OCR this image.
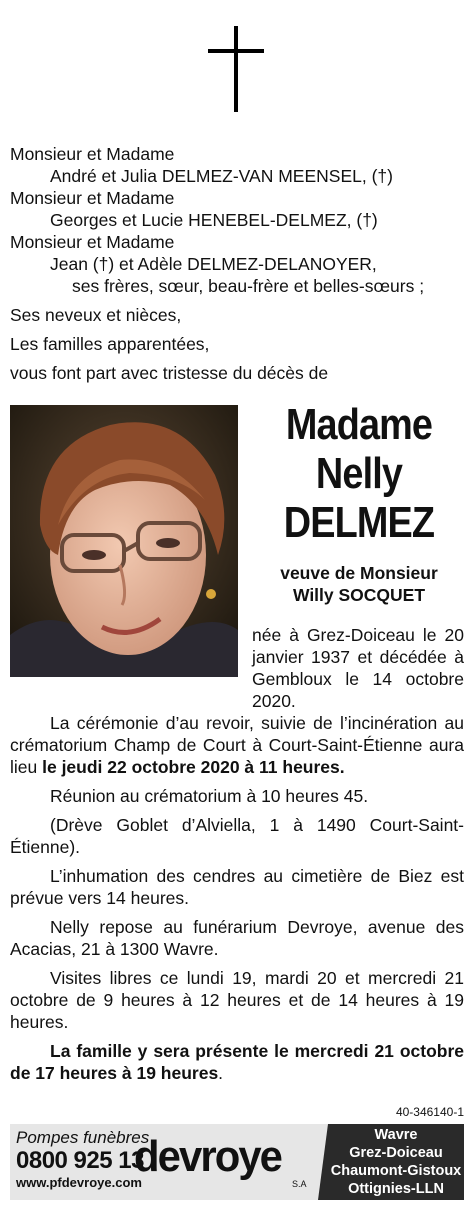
Monsieur et Madame
André et Julia DELMEZ-VAN MEENSEL, (†)
Monsieur et Madame
Georges et Lucie HENEBEL-DELMEZ, (†)
Monsieur et Madame
Jean (†) et Adèle DELMEZ-DELANOYER,
ses frères, sœur, beau-frère et belles-sœurs ;
Ses neveux et nièces,
Les familles apparentées,
vous font part avec tristesse du décès de
Madame
Nelly
DELMEZ
veuve de Monsieur
Willy SOCQUET

née à Grez-Doiceau le 20 janvier 1937 et décédée à Gembloux le 14 octobre 2020.

La cérémonie d’au revoir, suivie de l’incinération au crématorium Champ de Court à Court-Saint-Étienne aura lieu le jeudi 22 octobre 2020 à 11 heures.

Réunion au crématorium à 10 heures 45.

(Drève Goblet d’Alviella, 1 à 1490 Court-Saint-Étienne).

L’inhumation des cendres au cimetière de Biez est prévue vers 14 heures.

Nelly repose au funérarium Devroye, avenue des Acacias, 21 à 1300 Wavre.

Visites libres ce lundi 19, mardi 20 et mercredi 21 octobre de 9 heures à 12 heures et de 14 heures à 19 heures.

La famille y sera présente le mercredi 21 octobre de 17 heures à 19 heures.

40-346140-1
Pompes funèbres
0800 925 13
www.pfdevroye.com
devroye
S.A
Wavre
Grez-Doiceau
Chaumont-Gistoux
Ottignies-LLN
